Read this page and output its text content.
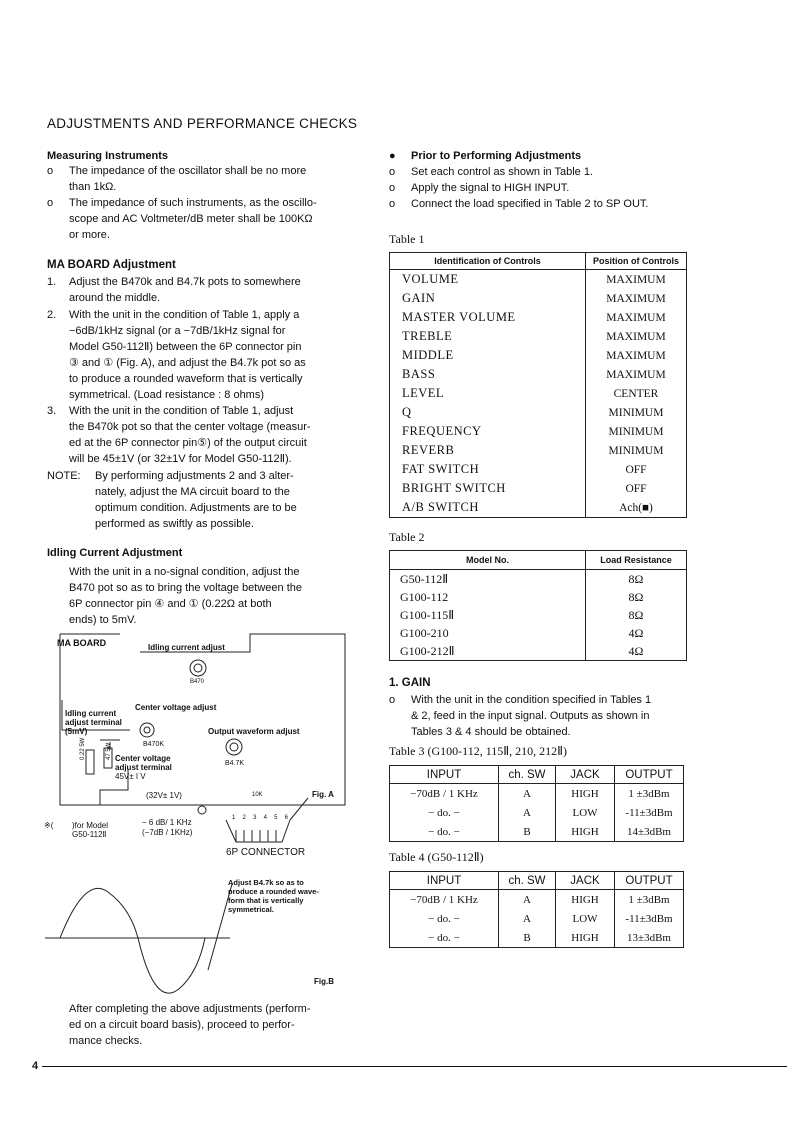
ADJUSTMENTS AND PERFORMANCE CHECKS
Measuring Instruments
o	The impedance of the oscillator shall be no more
than 1kΩ.
o	The impedance of such instruments, as the oscillo-
scope and AC Voltmeter/dB meter shall be 100KΩ
or more.
MA BOARD Adjustment
1.	Adjust the B470k and B4.7k pots to somewhere
around the middle.
2.	With the unit in the condition of Table 1, apply a
−6dB/1kHz signal (or a −7dB/1kHz signal for
Model G50-112Ⅱ) between the 6P connector pin
③ and ① (Fig. A), and adjust the B4.7k pot so as
to produce a rounded waveform that is vertically
symmetrical. (Load resistance : 8 ohms)
3.	With the unit in the condition of Table 1, adjust
the B470k pot so that the center voltage (measur-
ed at the 6P connector pin⑤) of the output circuit
will be 45±1V (or 32±1V for Model G50-112Ⅱ).
NOTE:	By performing adjustments 2 and 3 alter-
nately, adjust the MA circuit board to the
optimum condition. Adjustments are to be
performed as swiftly as possible.
Idling Current Adjustment
With the unit in a no-signal condition, adjust the
B470 pot so as to bring the voltage between the
6P connector pin ④ and ① (0.22Ω at both
ends) to 5mV.
MA BOARD	Idling current adjust
B470
Idling current
adjust terminal
(5mV)
Center voltage adjust
Output waveform adjust
B470K
B4.7K
Center voltage
adjust terminal
45V± I V
0.22 5W	47 5W
(32V± 1V)	10K	Fig. A
※( )for Model
G50-112Ⅱ
− 6 dB/ 1 KHz
(−7dB / 1KHz)
1 2 3 4 5 6
6P CONNECTOR
Adjust B4.7k so as to
produce a rounded wave-
form that is vertically
symmetrical.
Fig.B
After completing the above adjustments (perform-
ed on a circuit board basis), proceed to perfor-
mance checks.
●	Prior to Performing Adjustments
o	Set each control as shown in Table 1.
o	Apply the signal to HIGH INPUT.
o	Connect the load specified in Table 2 to SP OUT.
Table 1
Identification of Controls	Position of Controls
VOLUME	MAXIMUM
GAIN	MAXIMUM
MASTER VOLUME	MAXIMUM
TREBLE	MAXIMUM
MIDDLE	MAXIMUM
BASS	MAXIMUM
LEVEL	CENTER
Q	MINIMUM
FREQUENCY	MINIMUM
REVERB	MINIMUM
FAT SWITCH	OFF
BRIGHT SWITCH	OFF
A/B SWITCH	Ach(■)
Table 2
Model No.	Load Resistance
G50-112Ⅱ	8Ω
G100-112	8Ω
G100-115Ⅱ	8Ω
G100-210	4Ω
G100-212Ⅱ	4Ω
1. GAIN
o	With the unit in the condition specified in Tables 1
& 2, feed in the input signal. Outputs as shown in
Tables 3 & 4 should be obtained.
Table 3 (G100-112, 115Ⅱ, 210, 212Ⅱ)
INPUT	ch. SW	JACK	OUTPUT
−70dB / 1 KHz	A	HIGH	1 ±3dBm
− do. −	A	LOW	-11±3dBm
− do. −	B	HIGH	14±3dBm
Table 4 (G50-112Ⅱ)
INPUT	ch. SW	JACK	OUTPUT
−70dB / 1 KHz	A	HIGH	1 ±3dBm
− do. −	A	LOW	-11±3dBm
− do. −	B	HIGH	13±3dBm
4
